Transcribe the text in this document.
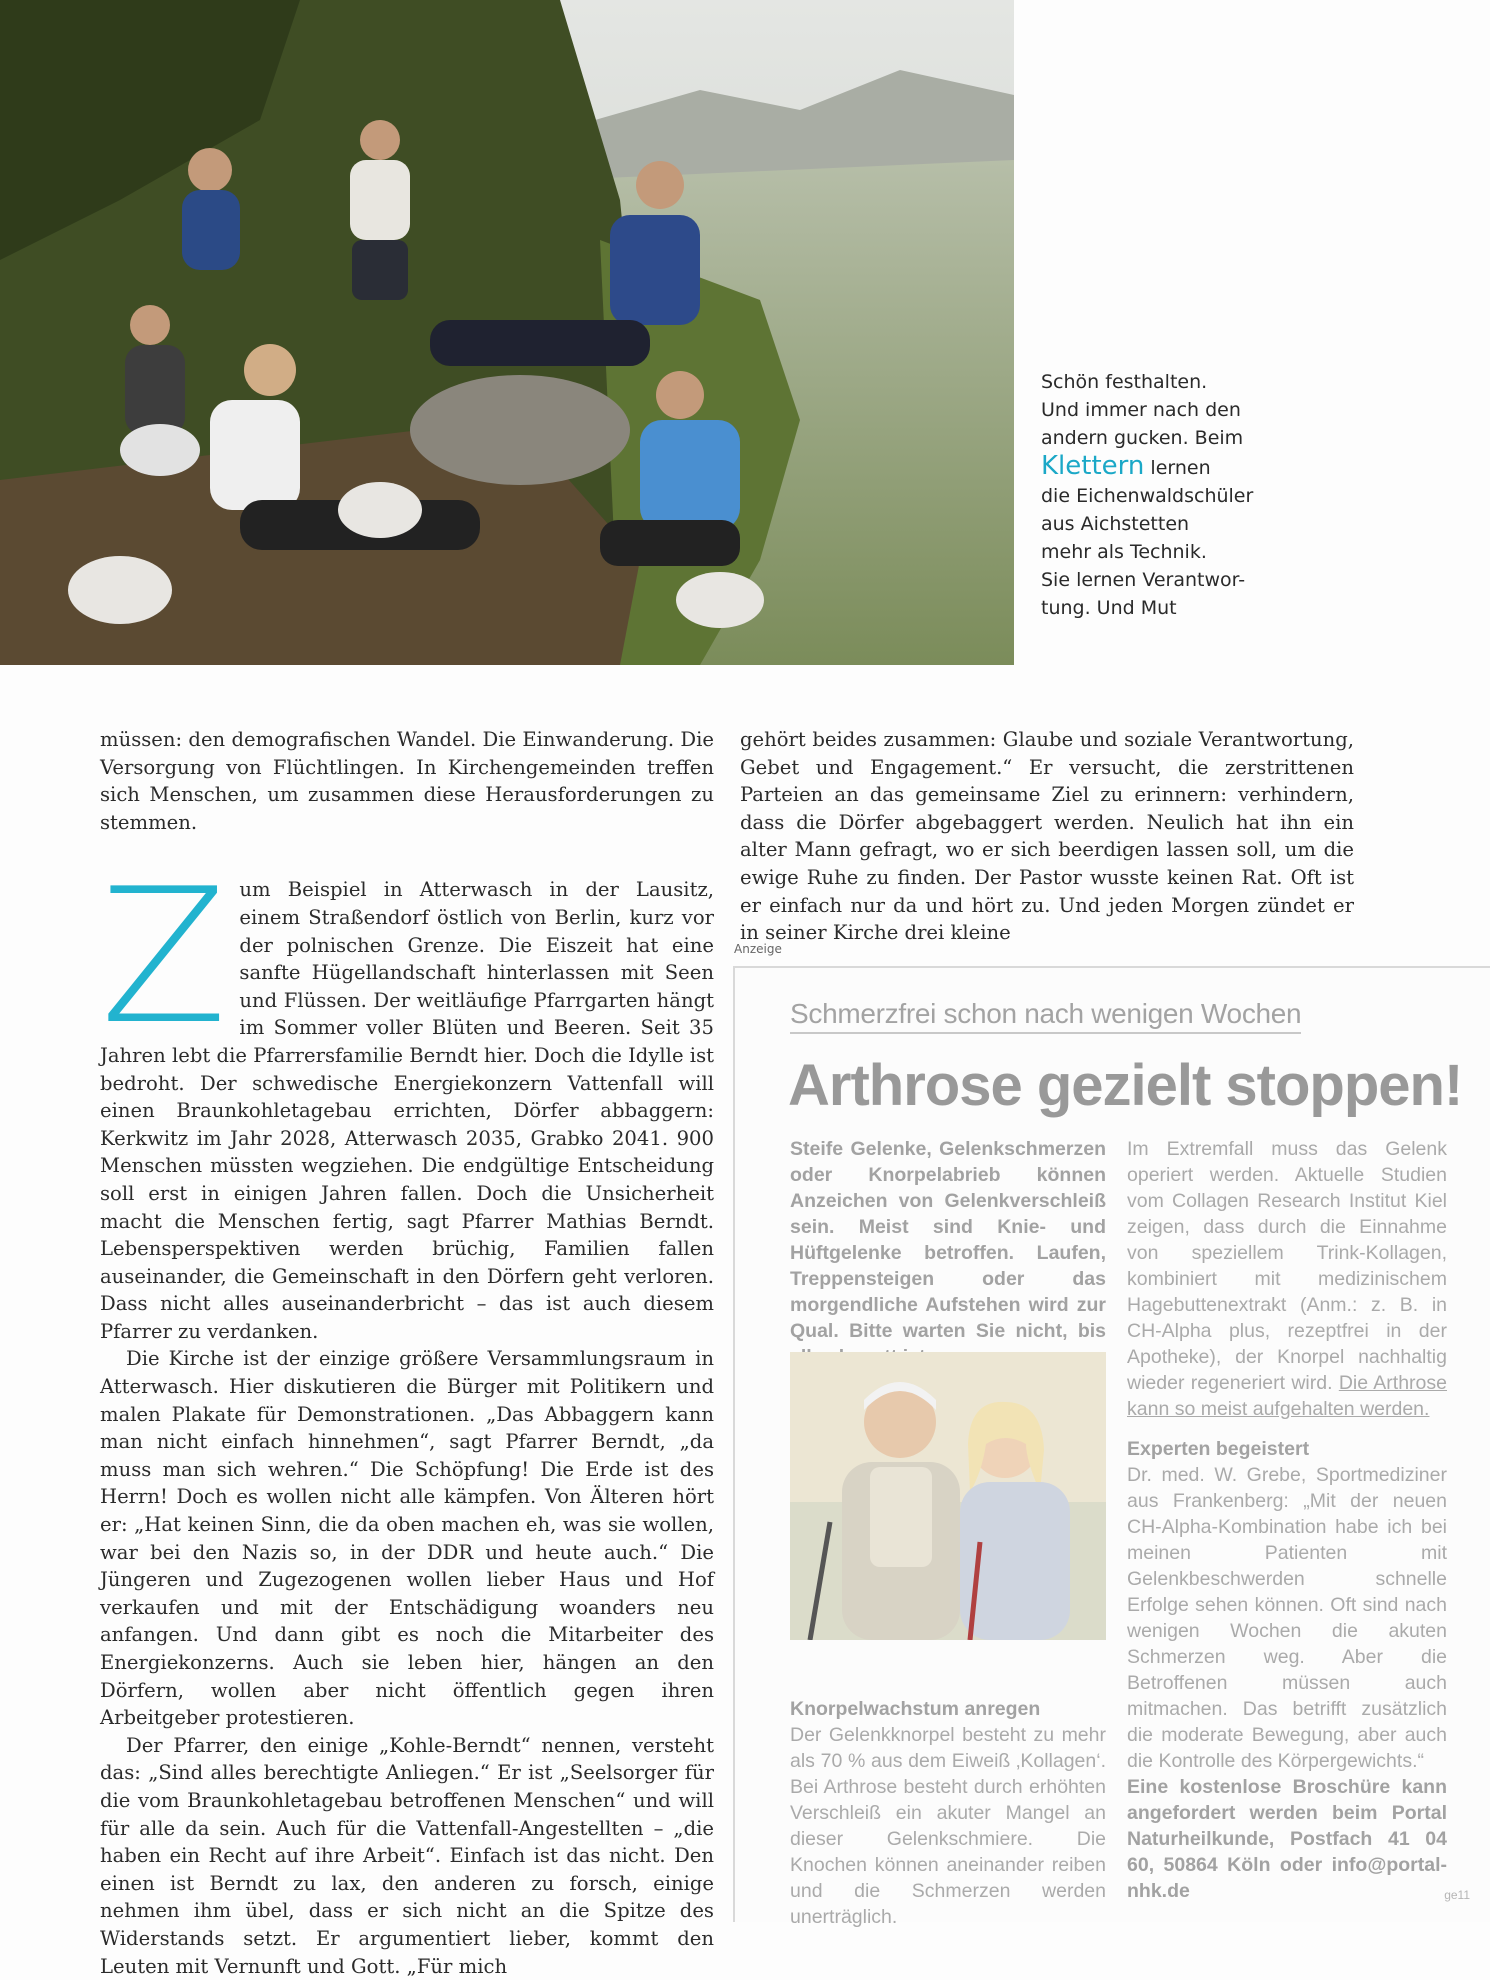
Schön festhalten.
Und immer nach den
andern gucken. Beim
Klettern lernen
die Eichenwaldschüler
aus Aichstetten
mehr als Technik.
Sie lernen Verantwor-
tung. Und Mut

müssen: den demografischen Wandel. Die Einwanderung. Die Versorgung von Flüchtlingen. In Kirchengemeinden treffen sich Menschen, um zusammen diese Herausforderungen zu stemmen.

Zum Beispiel in Atterwasch in der Lausitz, einem Straßendorf östlich von Berlin, kurz vor der polnischen Grenze. Die Eiszeit hat eine sanfte Hügellandschaft hinterlassen mit Seen und Flüssen. Der weitläufige Pfarrgarten hängt im Sommer voller Blüten und Beeren. Seit 35 Jahren lebt die Pfarrersfamilie Berndt hier. Doch die Idylle ist bedroht. Der schwedische Energiekonzern Vattenfall will einen Braunkohletagebau errichten, Dörfer abbaggern: Kerkwitz im Jahr 2028, Atterwasch 2035, Grabko 2041. 900 Menschen müssten wegziehen. Die endgültige Entscheidung soll erst in einigen Jahren fallen. Doch die Unsicherheit macht die Menschen fertig, sagt Pfarrer Mathias Berndt. Lebensperspektiven werden brüchig, Familien fallen auseinander, die Gemeinschaft in den Dörfern geht verloren. Dass nicht alles auseinanderbricht – das ist auch diesem Pfarrer zu verdanken.

Die Kirche ist der einzige größere Versammlungsraum in Atterwasch. Hier diskutieren die Bürger mit Politikern und malen Plakate für Demonstrationen. „Das Abbaggern kann man nicht einfach hinnehmen“, sagt Pfarrer Berndt, „da muss man sich wehren.“ Die Schöpfung! Die Erde ist des Herrn! Doch es wollen nicht alle kämpfen. Von Älteren hört er: „Hat keinen Sinn, die da oben machen eh, was sie wollen, war bei den Nazis so, in der DDR und heute auch.“ Die Jüngeren und Zugezogenen wollen lieber Haus und Hof verkaufen und mit der Entschädigung woanders neu anfangen. Und dann gibt es noch die Mitarbeiter des Energiekonzerns. Auch sie leben hier, hängen an den Dörfern, wollen aber nicht öffentlich gegen ihren Arbeitgeber protestieren.

Der Pfarrer, den einige „Kohle-Berndt“ nennen, versteht das: „Sind alles berechtigte Anliegen.“ Er ist „Seelsorger für die vom Braunkohletagebau betroffenen Menschen“ und will für alle da sein. Auch für die Vattenfall-Angestellten – „die haben ein Recht auf ihre Arbeit“. Einfach ist das nicht. Den einen ist Berndt zu lax, den anderen zu forsch, einige nehmen ihm übel, dass er sich nicht an die Spitze des Widerstands setzt. Er argumentiert lieber, kommt den Leuten mit Vernunft und Gott. „Für mich

gehört beides zusammen: Glaube und soziale Verantwortung, Gebet und Engagement.“ Er versucht, die zerstrittenen Parteien an das gemeinsame Ziel zu erinnern: verhindern, dass die Dörfer abgebaggert werden. Neulich hat ihn ein alter Mann gefragt, wo er sich beerdigen lassen soll, um die ewige Ruhe zu finden. Der Pastor wusste keinen Rat. Oft ist er einfach nur da und hört zu. Und jeden Morgen zündet er in seiner Kirche drei kleine

Anzeige
Schmerzfrei schon nach wenigen Wochen
Arthrose gezielt stoppen!

Steife Gelenke, Gelenkschmerzen oder Knorpelabrieb können Anzeichen von Gelenkverschleiß sein. Meist sind Knie- und Hüftgelenke betroffen. Laufen, Treppensteigen oder das morgendliche Aufstehen wird zur Qual. Bitte warten Sie nicht, bis

Knorpelwachstum anregen

Der Gelenkknorpel besteht zu mehr als 70 % aus dem Eiweiß ‚Kollagen‘. Bei Arthrose besteht durch erhöhten Verschleiß ein akuter Mangel an dieser Gelenkschmiere. Die Knochen können aneinander reiben und die Schmerzen werden unerträglich.

Im Extremfall muss das Gelenk operiert werden. Aktuelle Studien vom Collagen Research Institut Kiel zeigen, dass durch die Einnahme von speziellem Trink-Kollagen, kombiniert mit medizinischem Hagebuttenextrakt (Anm.: z. B. in CH-Alpha plus, rezeptfrei in der Apotheke), der Knorpel nachhaltig wieder regeneriert wird. Die Arthrose kann so meist aufgehalten werden.

Experten begeistert

Dr. med. W. Grebe, Sportmediziner aus Frankenberg: „Mit der neuen CH-Alpha-Kombination habe ich bei meinen Patienten mit Gelenkbeschwerden schnelle Erfolge sehen können. Oft sind nach wenigen Wochen die akuten Schmerzen weg. Aber die Betroffenen müssen auch mitmachen. Das betrifft zusätzlich die moderate Bewegung, aber auch die Kontrolle des Körpergewichts.“

Eine kostenlose Broschüre kann angefordert werden beim Portal Naturheilkunde, Postfach 41 04 60, 50864 Köln oder info@portal-nhk.de	ge11
